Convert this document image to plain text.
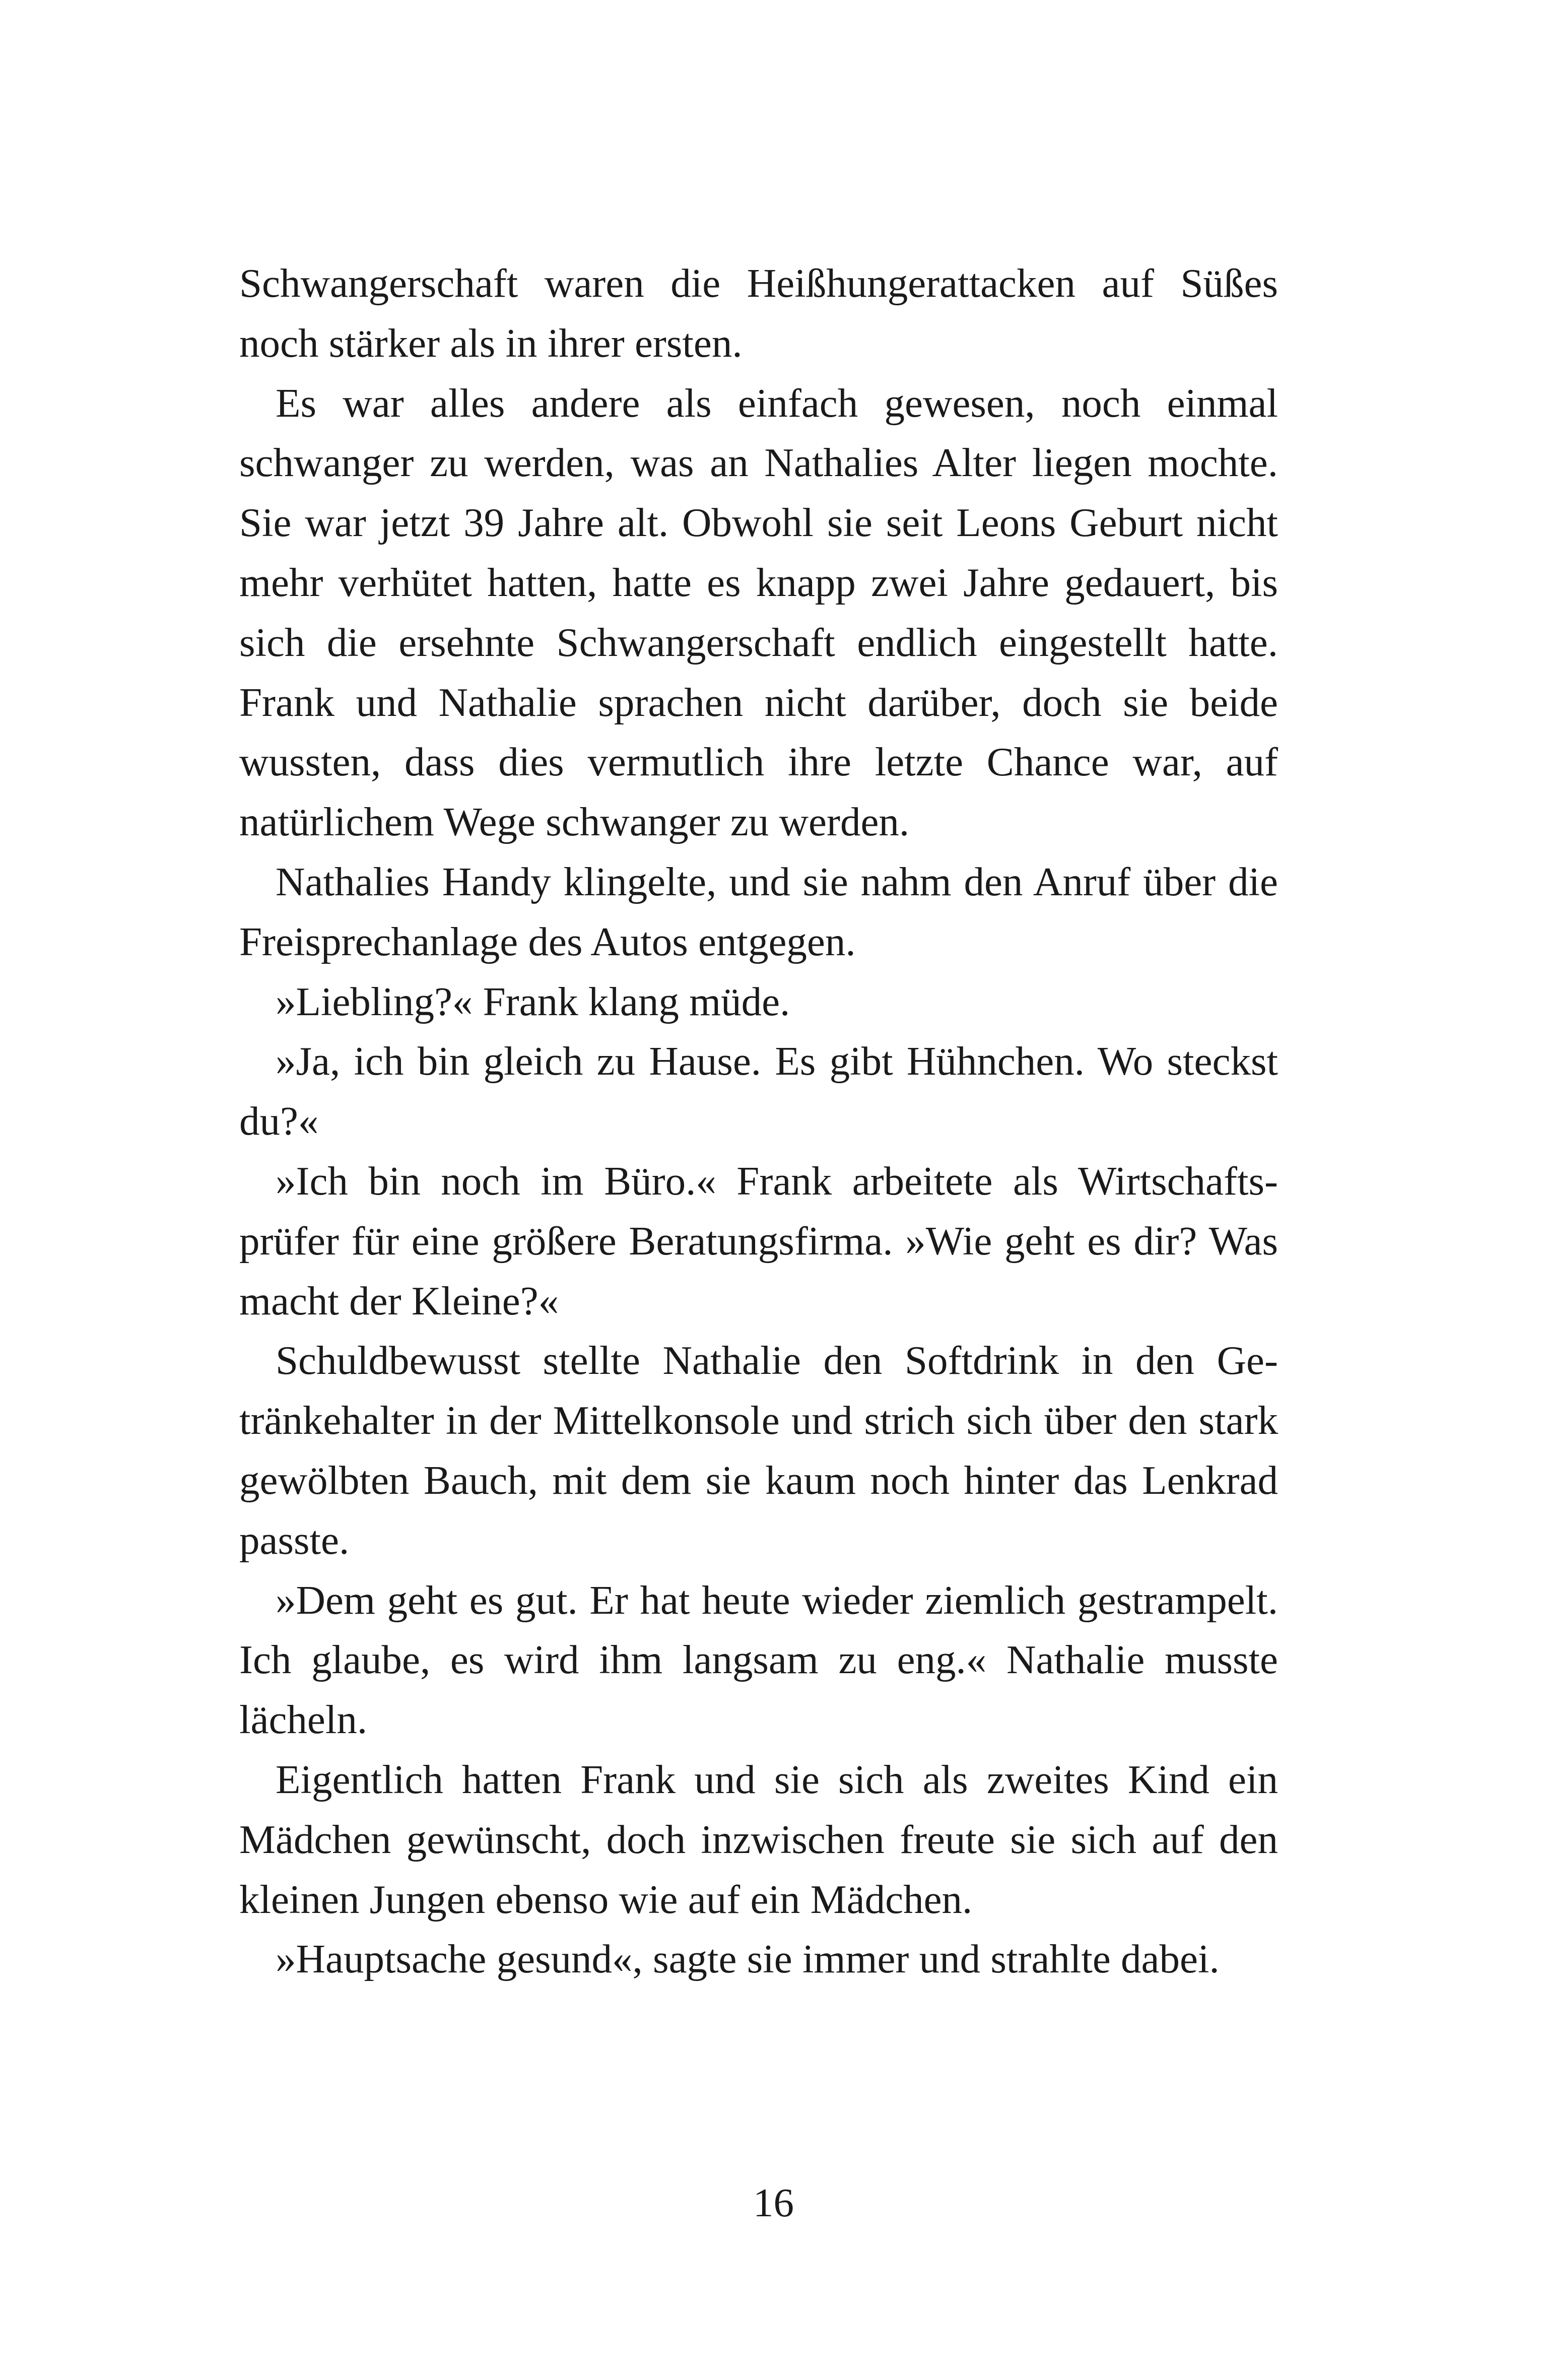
Schwangerschaft waren die Heißhungerattacken auf Süßes noch stärker als in ihrer ersten.

Es war alles andere als einfach gewesen, noch einmal schwanger zu werden, was an Nathalies Alter liegen mochte. Sie war jetzt 39 Jahre alt. Obwohl sie seit Leons Geburt nicht mehr verhütet hatten, hatte es knapp zwei Jahre gedauert, bis sich die ersehnte Schwangerschaft endlich eingestellt hatte. Frank und Nathalie sprachen nicht darüber, doch sie beide wussten, dass dies vermutlich ihre letzte Chance war, auf natürlichem Wege schwanger zu werden.

Nathalies Handy klingelte, und sie nahm den Anruf über die Freisprechanlage des Autos entgegen.

»Liebling?« Frank klang müde.

»Ja, ich bin gleich zu Hause. Es gibt Hühnchen. Wo steckst du?«

»Ich bin noch im Büro.« Frank arbeitete als Wirtschaftsprüfer für eine größere Beratungsfirma. »Wie geht es dir? Was macht der Kleine?«

Schuldbewusst stellte Nathalie den Softdrink in den Getränkehalter in der Mittelkonsole und strich sich über den stark gewölbten Bauch, mit dem sie kaum noch hinter das Lenkrad passte.

»Dem geht es gut. Er hat heute wieder ziemlich gestrampelt. Ich glaube, es wird ihm langsam zu eng.« Nathalie musste lächeln.

Eigentlich hatten Frank und sie sich als zweites Kind ein Mädchen gewünscht, doch inzwischen freute sie sich auf den kleinen Jungen ebenso wie auf ein Mädchen.

»Hauptsache gesund«, sagte sie immer und strahlte dabei.

16
